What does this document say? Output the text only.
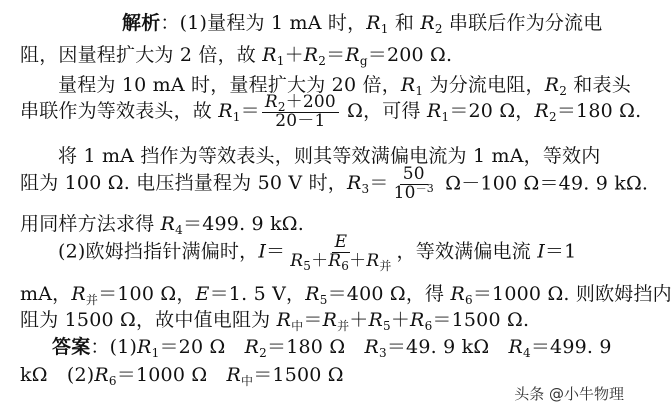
解析：(1)量程为 1 mA 时，$R_1$ 和 $R_2$ 串联后作为分流电
阻，因量程扩大为 2 倍，故 $R_1+R_2=R_g=200$ Ω.
量程为 10 mA 时，量程扩大为 20 倍，$R_1$ 为分流电阻，$R_2$ 和表头
串联作为等效表头，故 $R_1= \frac{R_2+200}{20-1}$ Ω，可得 $R_1=20$ Ω，$R_2=180$ Ω.
将 1 mA 挡作为等效表头，则其等效满偏电流为 1 mA，等效内
阻为 100 Ω. 电压挡量程为 50 V 时，$R_3= \frac{50}{10^{-3}} \Omega-100$ Ω＝49. 9 kΩ.
用同样方法求得 $R_4=499$. 9 kΩ.
(2)欧姆挡指针满偏时，$I= \frac{E}{R_5+R_6+R_并}$ ，等效满偏电流 I＝1
mA，$R_并=100$ Ω，E＝1. 5 V，$R_5=400$ Ω，得 $R_6=1000$ Ω. 则欧姆挡内
阻为 1500 Ω，故中值电阻为 $R_中=R_并+R_5+R_6=1500$ Ω.
答案：$(1)R_1=20$ Ω　$R_2=180$ Ω　$R_3=49$. 9 kΩ　$R_4=499$. 9
kΩ　$(2)R_6=1000$ Ω　$R_中=1500$ Ω
头条 @小牛物理
